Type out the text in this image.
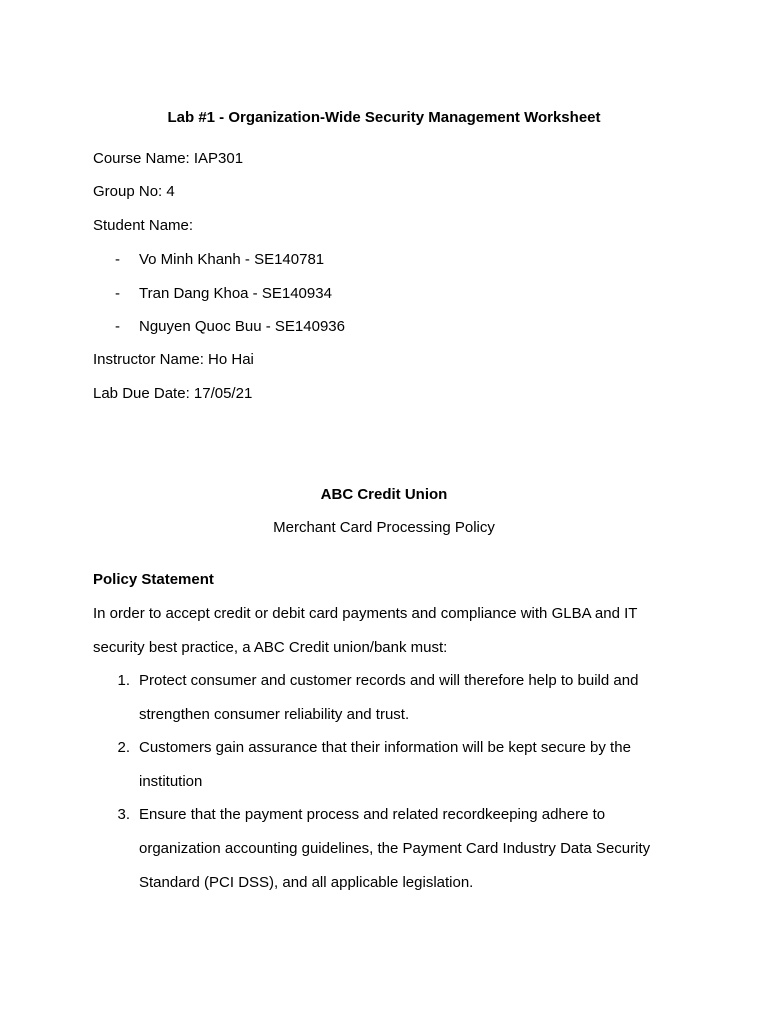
Lab #1 - Organization-Wide Security Management Worksheet
Course Name: IAP301
Group No: 4
Student Name:
- Vo Minh Khanh - SE140781
- Tran Dang Khoa - SE140934
- Nguyen Quoc Buu - SE140936
Instructor Name: Ho Hai
Lab Due Date: 17/05/21
ABC Credit Union
Merchant Card Processing Policy
Policy Statement
In order to accept credit or debit card payments and compliance with GLBA and IT
security best practice, a ABC Credit union/bank must:
1. Protect consumer and customer records and will therefore help to build and
strengthen consumer reliability and trust.
2. Customers gain assurance that their information will be kept secure by the
institution
3. Ensure that the payment process and related recordkeeping adhere to
organization accounting guidelines, the Payment Card Industry Data Security
Standard (PCI DSS), and all applicable legislation.
